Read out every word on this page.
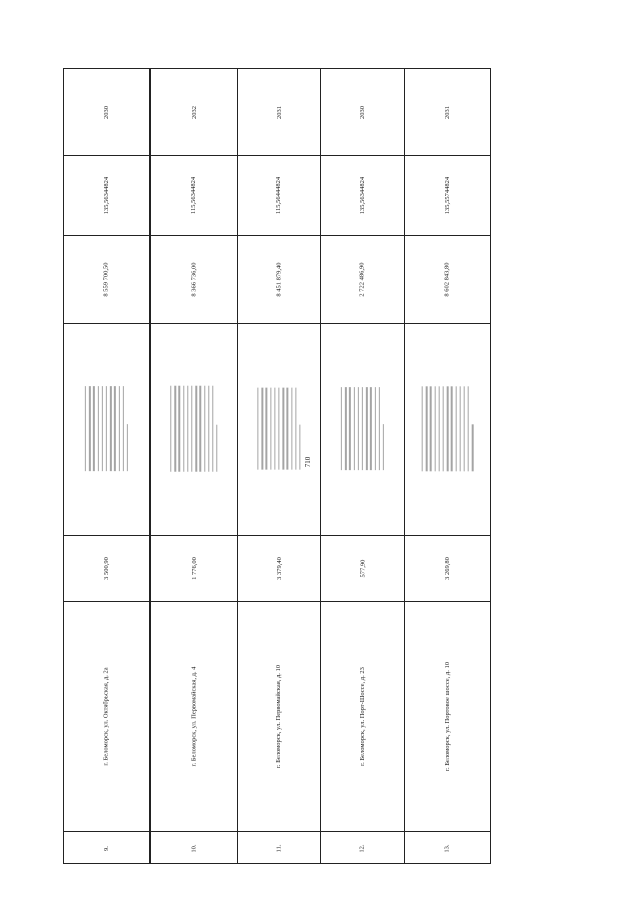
710
9.
г. Беломорск, ул. Октябрьская, д. 2а
3 500,90
8 559 700,50
135,56344824
2030
10.
г. Беломорск, ул. Первомайская, д. 4
1 776,00
8 366 736,00
115,56344824
2032
11.
г. Беломорск, ул. Первомайская, д. 10
3 379,40
8 451 879,40
115,56444824
2031
12.
г. Беломорск, ул. Порт-Шоссе, д. 23
577,90
2 722 486,90
135,56344824
2030
13.
г. Беломорск, ул. Портовое шоссе, д. 10
3 269,80
8 602 843,80
135,55744824
2031
